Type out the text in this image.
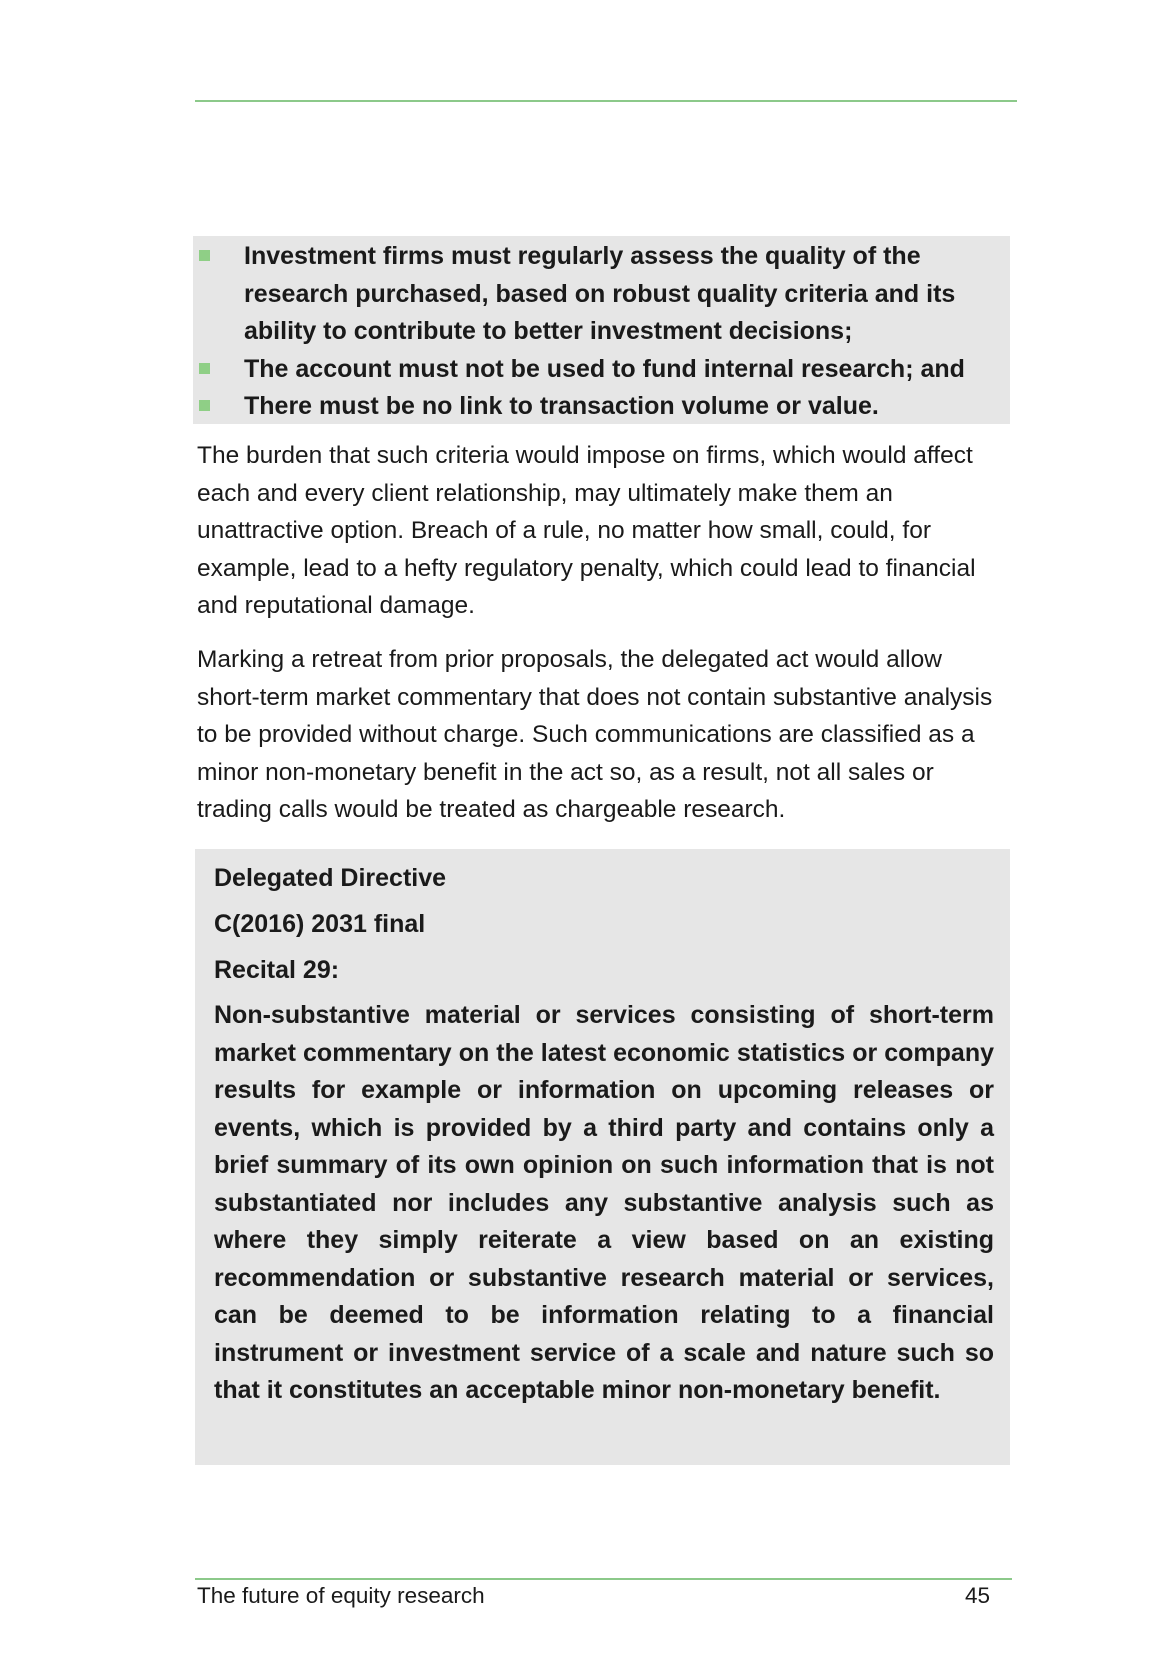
Investment firms must regularly assess the quality of the research purchased, based on robust quality criteria and its ability to contribute to better investment decisions;
The account must not be used to fund internal research; and
There must be no link to transaction volume or value.

The burden that such criteria would impose on firms, which would affect each and every client relationship, may ultimately make them an unattractive option. Breach of a rule, no matter how small, could, for example, lead to a hefty regulatory penalty, which could lead to financial and reputational damage.

Marking a retreat from prior proposals, the delegated act would allow short-term market commentary that does not contain substantive analysis to be provided without charge. Such communications are classified as a minor non-monetary benefit in the act so, as a result, not all sales or trading calls would be treated as chargeable research.

Delegated Directive

C(2016) 2031 final

Recital 29:

Non-substantive material or services consisting of short-term market commentary on the latest economic statistics or company results for example or information on upcoming releases or events, which is provided by a third party and contains only a brief summary of its own opinion on such information that is not substantiated nor includes any substantive analysis such as where they simply reiterate a view based on an existing recommendation or substantive research material or services, can be deemed to be information relating to a financial instrument or investment service of a scale and nature such so that it constitutes an acceptable minor non-monetary benefit.

The future of equity research	45
